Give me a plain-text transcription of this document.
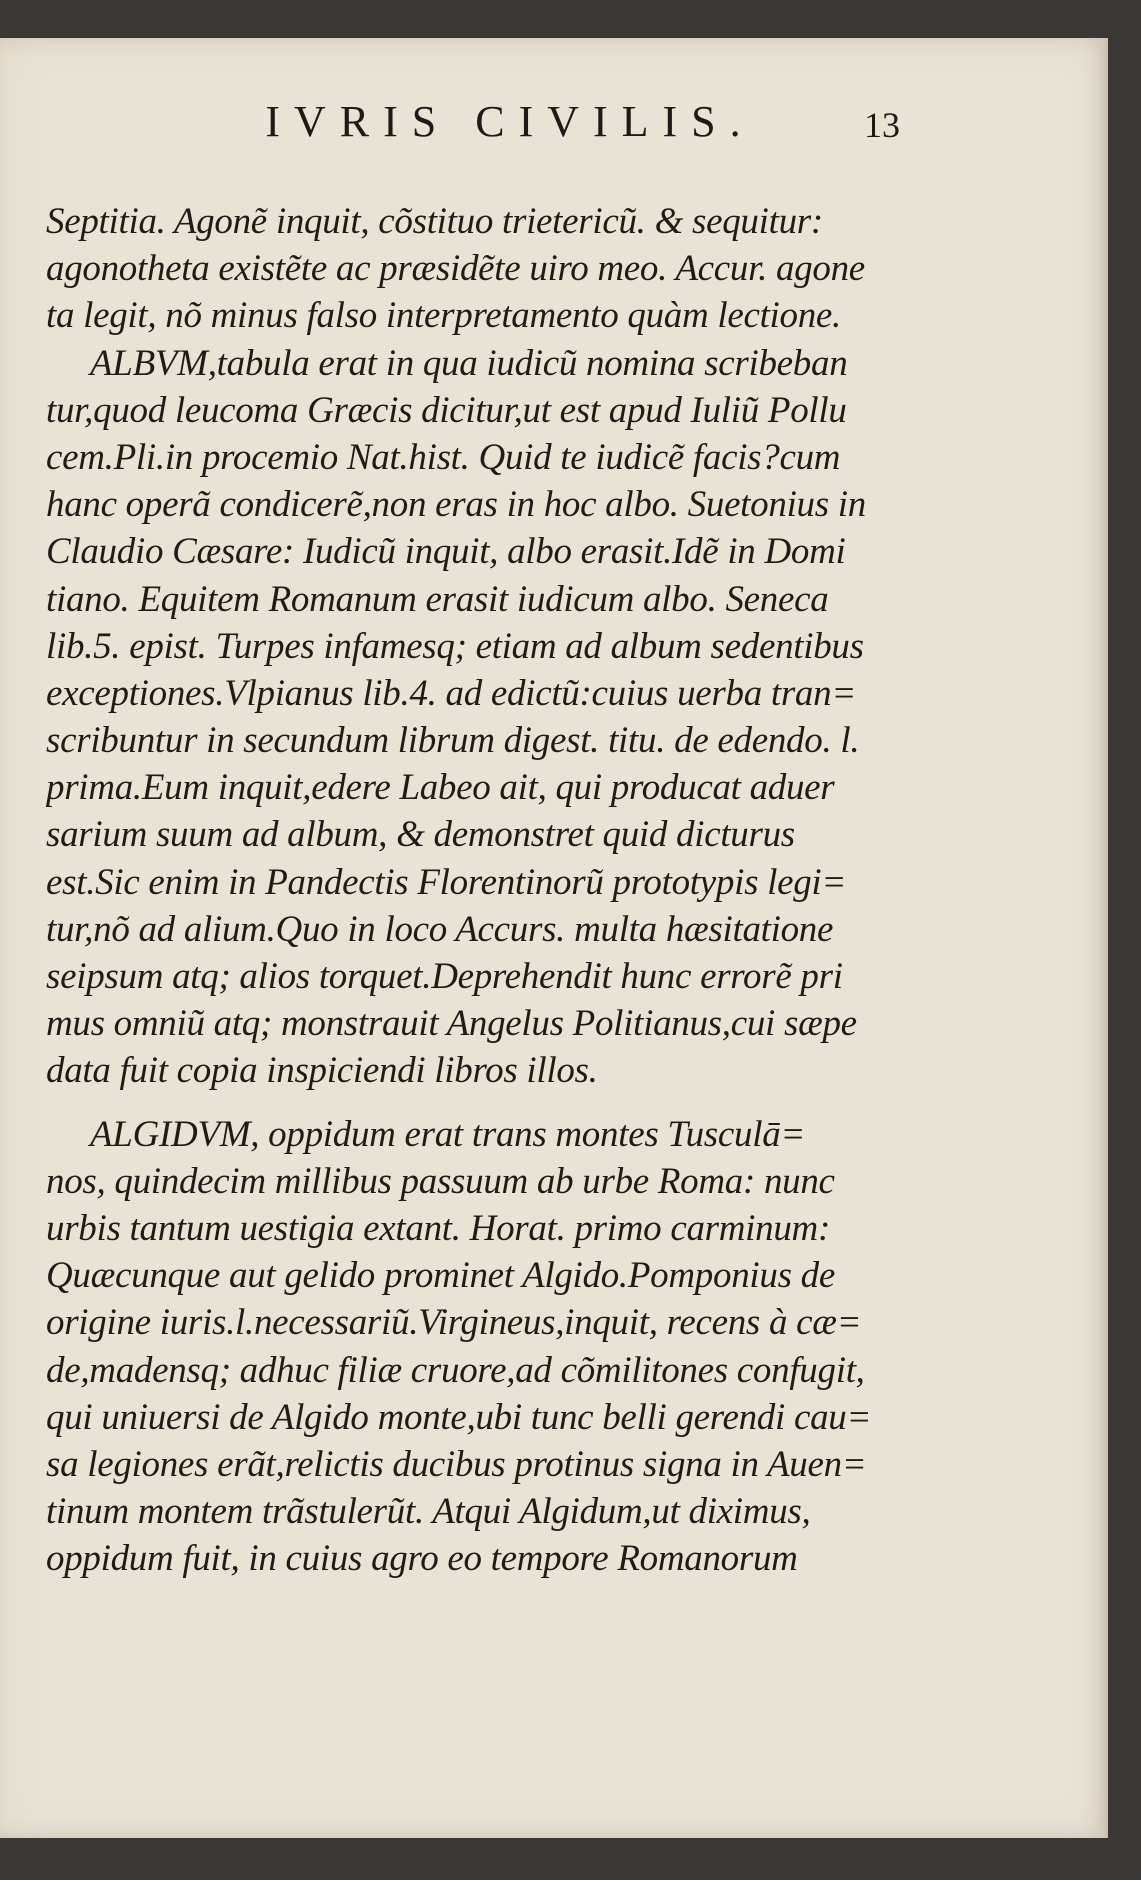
IVRIS CIVILIS.	13
Septitia. Agonẽ inquit, cõstituo trietericũ. & sequitur:
agonotheta existẽte ac præsidẽte uiro meo. Accur. agone
ta legit, nõ minus falso interpretamento quàm lectione.
ALBVM,tabula erat in qua iudicũ nomina scribeban
tur,quod leucoma Græcis dicitur,ut est apud Iuliũ Pollu
cem.Pli.in procemio Nat.hist. Quid te iudicẽ facis?cum
hanc operã condicerẽ,non eras in hoc albo. Suetonius in
Claudio Cæsare: Iudicũ inquit, albo erasit.Idẽ in Domi
tiano. Equitem Romanum erasit iudicum albo. Seneca
lib.5. epist. Turpes infamesq; etiam ad album sedentibus
exceptiones.Vlpianus lib.4. ad edictũ:cuius uerba tran=
scribuntur in secundum librum digest. titu. de edendo. l.
prima.Eum inquit,edere Labeo ait, qui producat aduer
sarium suum ad album, & demonstret quid dicturus
est.Sic enim in Pandectis Florentinorũ prototypis legi=
tur,nõ ad alium.Quo in loco Accurs. multa hæsitatione
seipsum atq; alios torquet.Deprehendit hunc errorẽ pri
mus omniũ atq; monstrauit Angelus Politianus,cui sæpe
data fuit copia inspiciendi libros illos.
ALGIDVM, oppidum erat trans montes Tusculā=
nos, quindecim millibus passuum ab urbe Roma: nunc
urbis tantum uestigia extant. Horat. primo carminum:
Quæcunque aut gelido prominet Algido.Pomponius de
origine iuris.l.necessariũ.Virgineus,inquit, recens à cæ=
de,madensq; adhuc filiæ cruore,ad cõmilitones confugit,
qui uniuersi de Algido monte,ubi tunc belli gerendi cau=
sa legiones erãt,relictis ducibus protinus signa in Auen=
tinum montem trãstulerũt. Atqui Algidum,ut diximus,
oppidum fuit, in cuius agro eo tempore Romanorum
